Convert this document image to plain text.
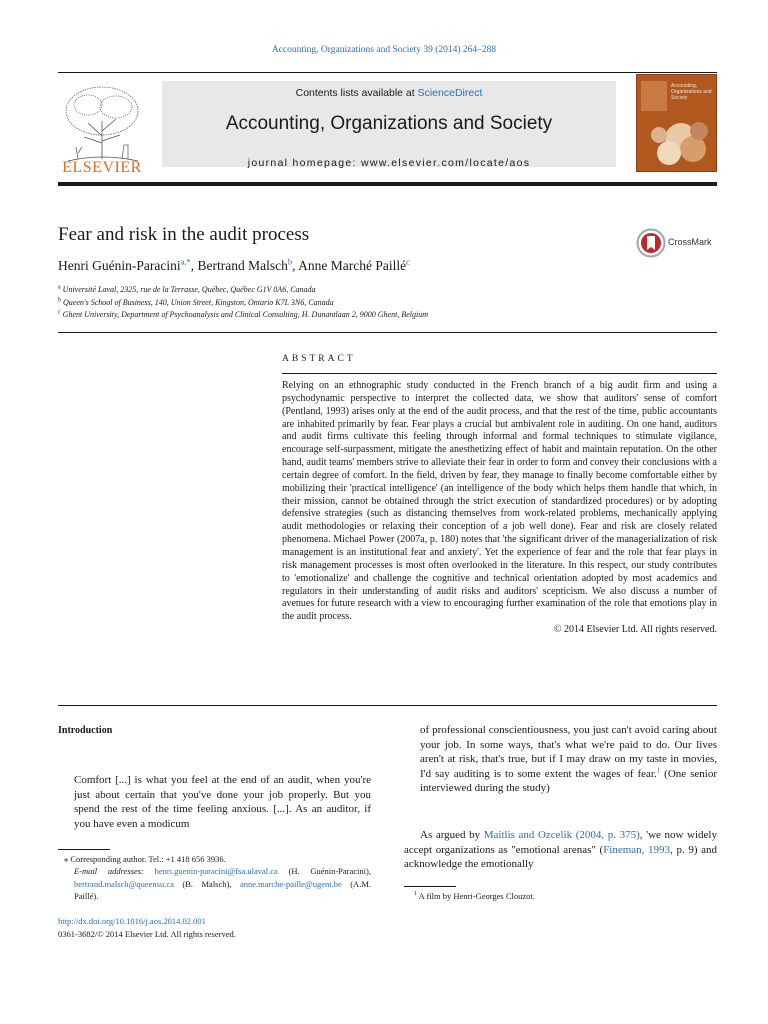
Accounting, Organizations and Society 39 (2014) 264–288
ELSEVIER
Contents lists available at ScienceDirect
Accounting, Organizations and Society
journal homepage: www.elsevier.com/locate/aos
Accounting, Organizations and Society
Fear and risk in the audit process	CrossMark
Henri Guénin-Paracini$^{a,*}$, Bertrand Malsch$^b$, Anne Marché Paillé$^c$
$^a$ Université Laval, 2325, rue de la Terrasse, Québec, Québec G1V 0A6, Canada
$^b$ Queen's School of Business, 140, Union Street, Kingston, Ontario K7L 3N6, Canada
$^c$ Ghent University, Department of Psychoanalysis and Clinical Consulting, H. Dunantlaan 2, 9000 Ghent, Belgium
ABSTRACT

Relying on an ethnographic study conducted in the French branch of a big audit firm and using a psychodynamic perspective to interpret the collected data, we show that auditors' sense of comfort (Pentland, 1993) arises only at the end of the audit process, and that the rest of the time, public accountants are inhabited primarily by fear. Fear plays a crucial but ambivalent role in auditing. On one hand, auditors and audit firms cultivate this feeling through informal and formal techniques to stimulate vigilance, encourage self-surpassment, mitigate the anesthetizing effect of habit and maintain reputation. On the other hand, audit teams' members strive to alleviate their fear in order to form and convey their conclusions with a certain degree of comfort. In the field, driven by fear, they manage to finally become comfortable either by mobilizing their 'practical intelligence' (an intelligence of the body which helps them handle that which, in their mission, cannot be obtained through the strict execution of standardized procedures) or by adopting defensive strategies (such as distancing themselves from work-related problems, mechanically applying audit methodologies or relaxing their conception of a job well done). Fear and risk are closely related phenomena. Michael Power (2007a, p. 180) notes that 'the significant driver of the managerialization of risk management is an institutional fear and anxiety'. Yet the experience of fear and the role that fear plays in risk management processes is most often overlooked in the literature. In this respect, our study contributes to 'emotionalize' and challenge the cognitive and technical orientation adopted by most academics and regulators in their understanding of audit risks and auditors' scepticism. We also discuss a number of avenues for future research with a view to encouraging further examination of the role that emotions play in the audit process.

© 2014 Elsevier Ltd. All rights reserved.

Introduction
Comfort [...] is what you feel at the end of an audit, when you're just about certain that you've done your job properly. But you spend the rest of the time feeling anxious. [...]. As an auditor, if you have even a modicum
⁎ Corresponding author. Tel.: +1 418 656 3936.
E-mail addresses: henri.guenin-paracini@fsa.ulaval.ca (H. Guénin-Paracini), bertrand.malsch@queensu.ca (B. Malsch), anne.marche-paille@ugent.be (A.M. Paillé).
http://dx.doi.org/10.1016/j.aos.2014.02.001
0361-3682/© 2014 Elsevier Ltd. All rights reserved.
of professional conscientiousness, you just can't avoid caring about your job. In some ways, that's what we're paid to do. Our lives aren't at risk, that's true, but if I may draw on my taste in movies, I'd say auditing is to some extent the wages of fear.$^1$ (One senior interviewed during the study)
As argued by Maitlis and Ozcelik (2004, p. 375), 'we now widely accept organizations as "emotional arenas" (Fineman, 1993, p. 9) and acknowledge the emotionally
$^1$ A film by Henri-Georges Clouzot.
